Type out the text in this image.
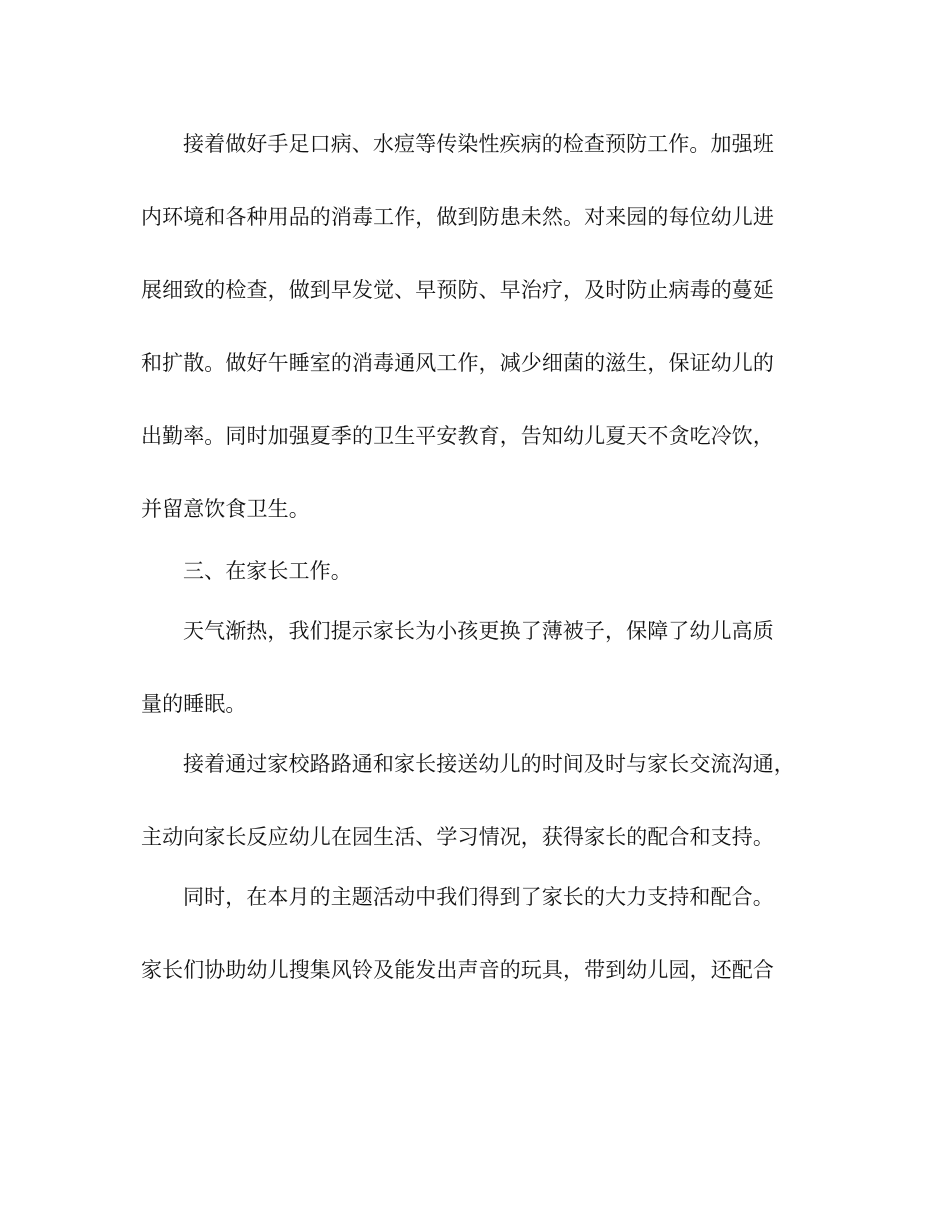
接着做好手足口病、水痘等传染性疾病的检查预防工作。加强班
内环境和各种用品的消毒工作，做到防患未然。对来园的每位幼儿进
展细致的检查，做到早发觉、早预防、早治疗，及时防止病毒的蔓延
和扩散。做好午睡室的消毒通风工作，减少细菌的滋生，保证幼儿的
出勤率。同时加强夏季的卫生平安教育，告知幼儿夏天不贪吃冷饮，
并留意饮食卫生。
三、在家长工作。
天气渐热，我们提示家长为小孩更换了薄被子，保障了幼儿高质
量的睡眠。
接着通过家校路路通和家长接送幼儿的时间及时与家长交流沟通，
主动向家长反应幼儿在园生活、学习情况，获得家长的配合和支持。
同时，在本月的主题活动中我们得到了家长的大力支持和配合。
家长们协助幼儿搜集风铃及能发出声音的玩具，带到幼儿园，还配合
